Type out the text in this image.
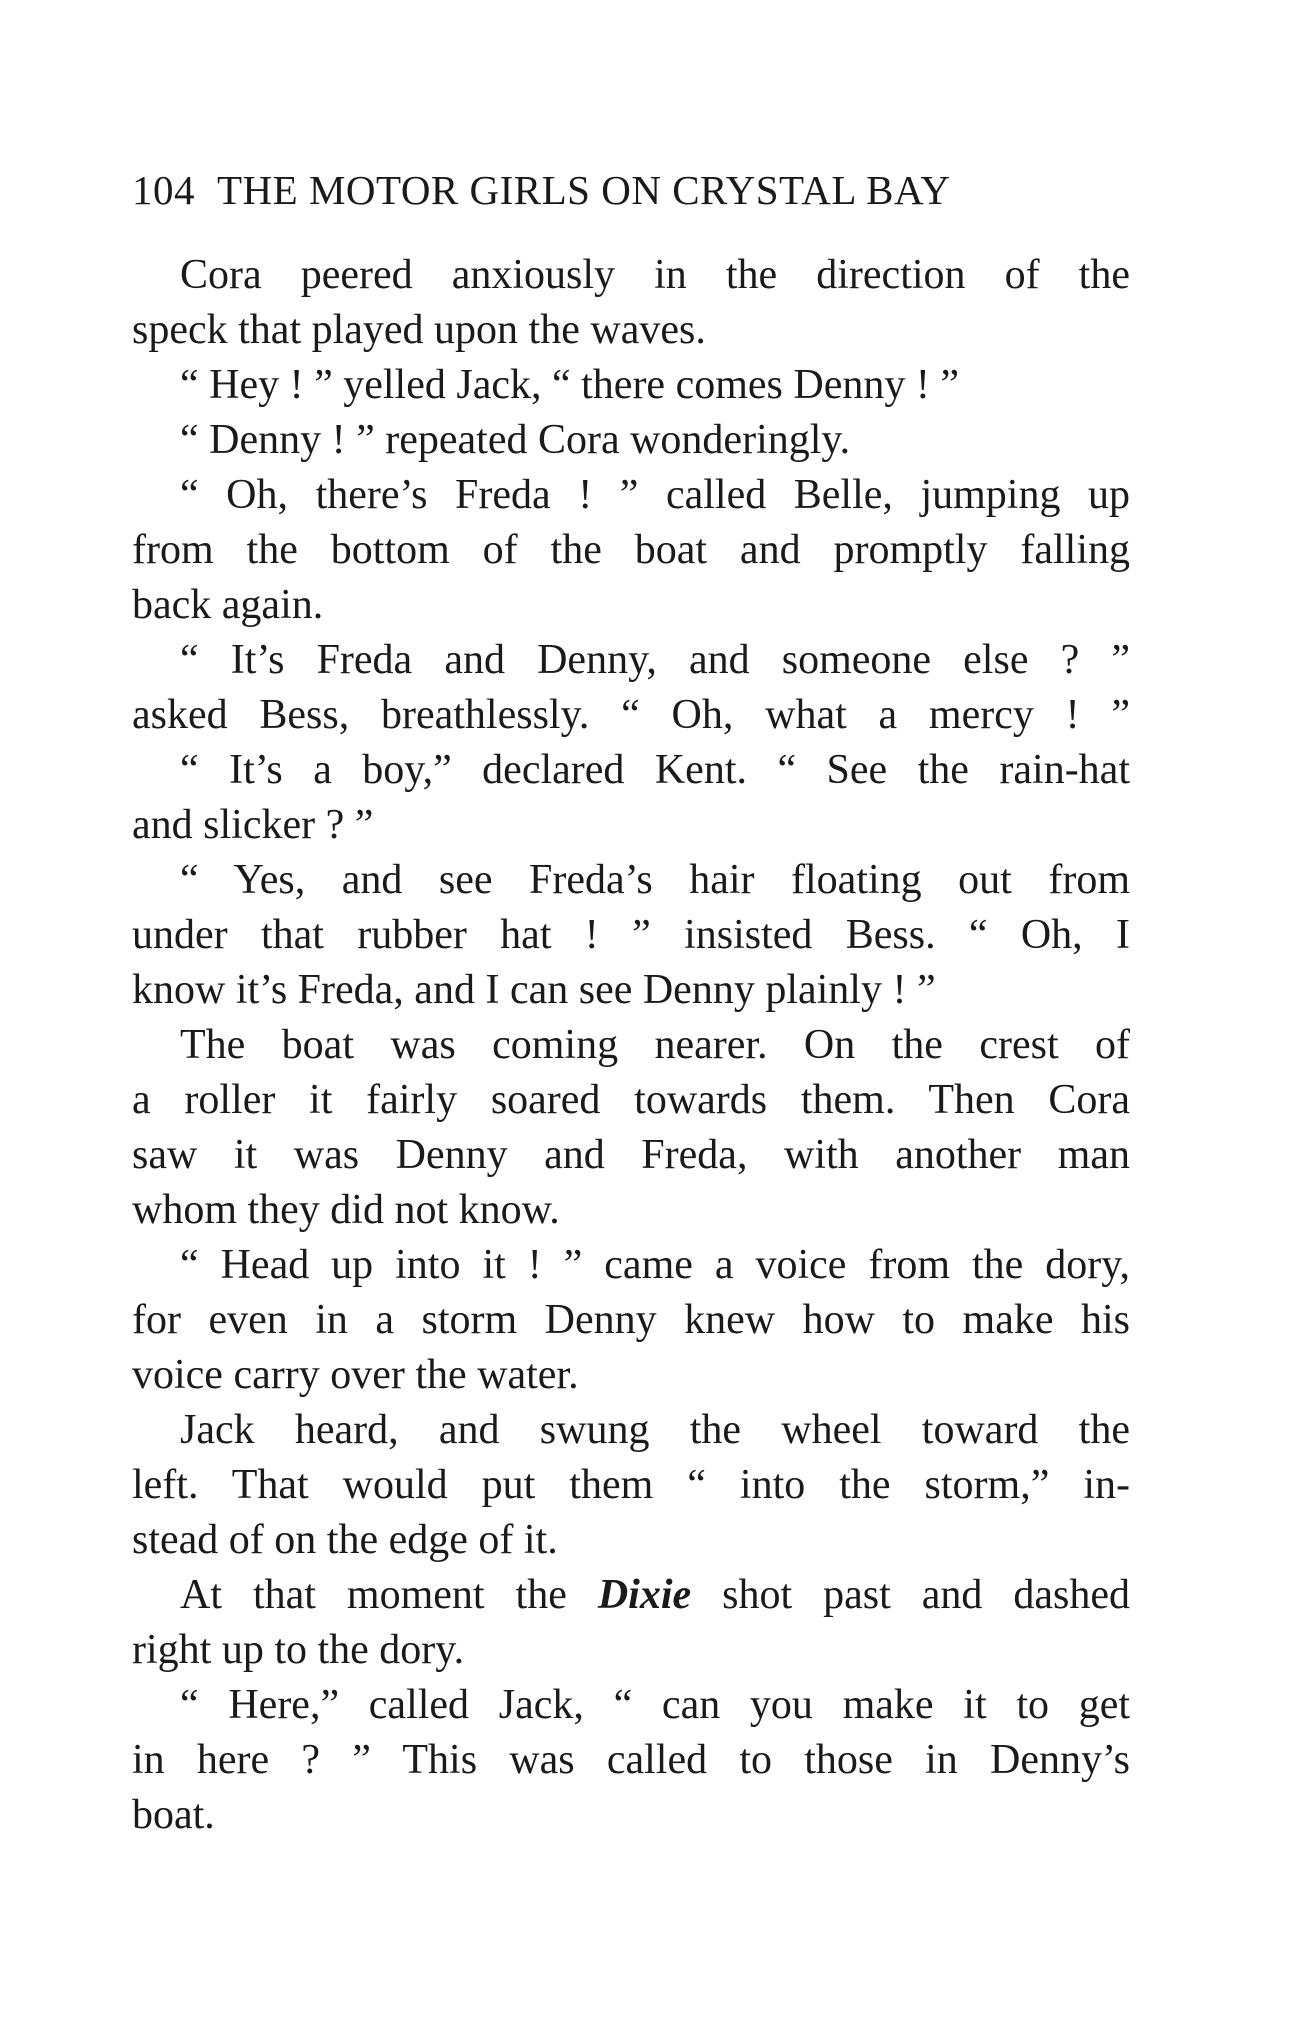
104 THE MOTOR GIRLS ON CRYSTAL BAY
Cora peered anxiously in the direction of the
speck that played upon the waves.
“ Hey ! ” yelled Jack, “ there comes Denny ! ”
“ Denny ! ” repeated Cora wonderingly.
“ Oh, there’s Freda ! ” called Belle, jumping up
from the bottom of the boat and promptly falling
back again.
“ It’s Freda and Denny, and someone else ? ”
asked Bess, breathlessly. “ Oh, what a mercy ! ”
“ It’s a boy,” declared Kent. “ See the rain-hat
and slicker ? ”
“ Yes, and see Freda’s hair floating out from
under that rubber hat ! ” insisted Bess. “ Oh, I
know it’s Freda, and I can see Denny plainly ! ”
The boat was coming nearer. On the crest of
a roller it fairly soared towards them. Then Cora
saw it was Denny and Freda, with another man
whom they did not know.
“ Head up into it ! ” came a voice from the dory,
for even in a storm Denny knew how to make his
voice carry over the water.
Jack heard, and swung the wheel toward the
left. That would put them “ into the storm,” in-
stead of on the edge of it.
At that moment the Dixie shot past and dashed
right up to the dory.
“ Here,” called Jack, “ can you make it to get
in here ? ” This was called to those in Denny’s
boat.
